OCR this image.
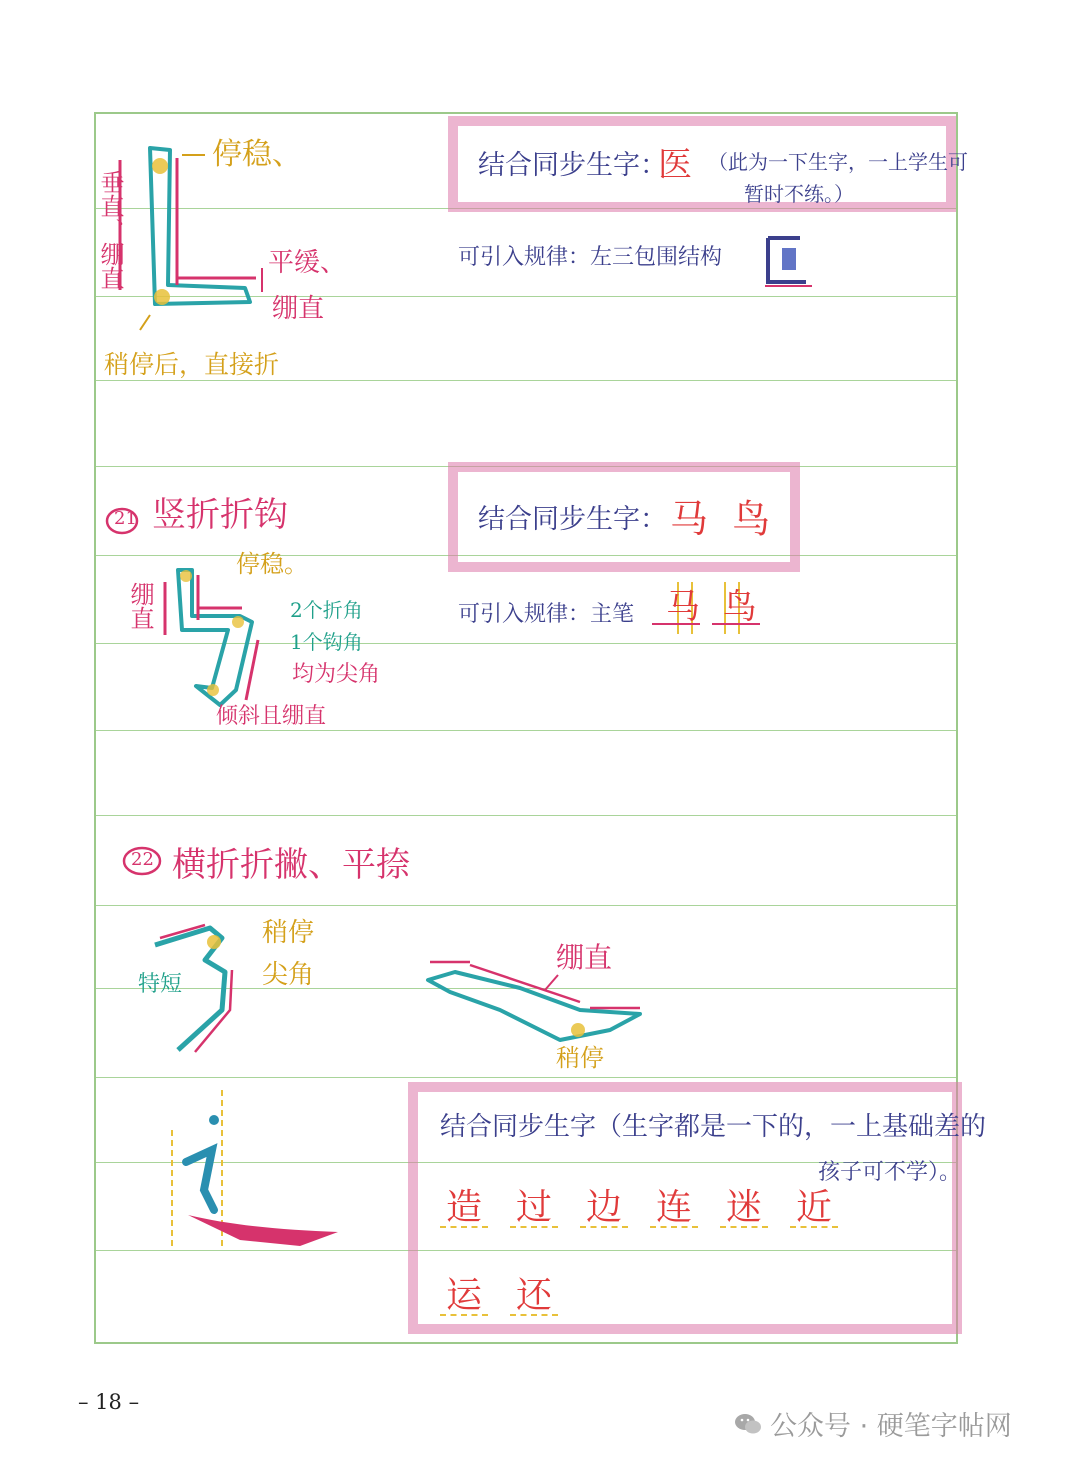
停稳、
垂直、绷直	平缓、
绷直
稍停后，直接折
结合同步生字：
医 （此为一下生字，一上学生可
暂时不练。）
可引入规律：左三包围结构
21 竖折折钩
停稳。
绷直	2个折角
1个钩角
均为尖角
倾斜且绷直
结合同步生字： 马 鸟
可引入规律：主笔 马 鸟
22 横折折撇、平捺
稍停
尖角
特短
绷直
稍停
结合同步生字（生字都是一下的，一上基础差的
孩子可不学）。
造 过 边 连 迷 近
运 还
– 18 –
公众号 · 硬笔字帖网
